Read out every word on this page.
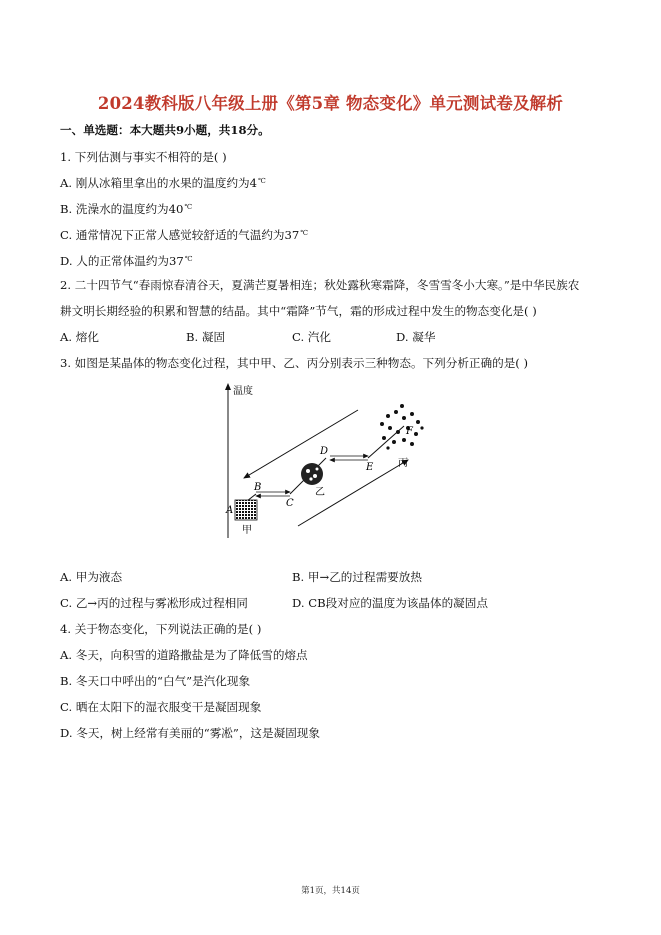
2024教科版八年级上册《第5章 物态变化》单元测试卷及解析
一、单选题：本大题共9小题，共18分。
1. 下列估测与事实不相符的是( )
A. 刚从冰箱里拿出的水果的温度约为4℃
B. 洗澡水的温度约为40℃
C. 通常情况下正常人感觉较舒适的气温约为37℃
D. 人的正常体温约为37℃
2. 二十四节气“春雨惊春清谷天，夏满芒夏暑相连；秋处露秋寒霜降，冬雪雪冬小大寒。”是中华民族农
耕文明长期经验的积累和智慧的结晶。其中“霜降”节气，霜的形成过程中发生的物态变化是( )
A. 熔化	B. 凝固	C. 汽化	D. 凝华
3. 如图是某晶体的物态变化过程，其中甲、乙、丙分别表示三种物态。下列分析正确的是( )
温度
A
B
C
D
E
F
甲
乙
丙
A. 甲为液态	B. 甲→乙的过程需要放热
C. 乙→丙的过程与雾凇形成过程相同	D. CB段对应的温度为该晶体的凝固点
4. 关于物态变化，下列说法正确的是( )
A. 冬天，向积雪的道路撒盐是为了降低雪的熔点
B. 冬天口中呼出的“白气”是汽化现象
C. 晒在太阳下的湿衣服变干是凝固现象
D. 冬天，树上经常有美丽的“雾凇”，这是凝固现象
第1页，共14页
